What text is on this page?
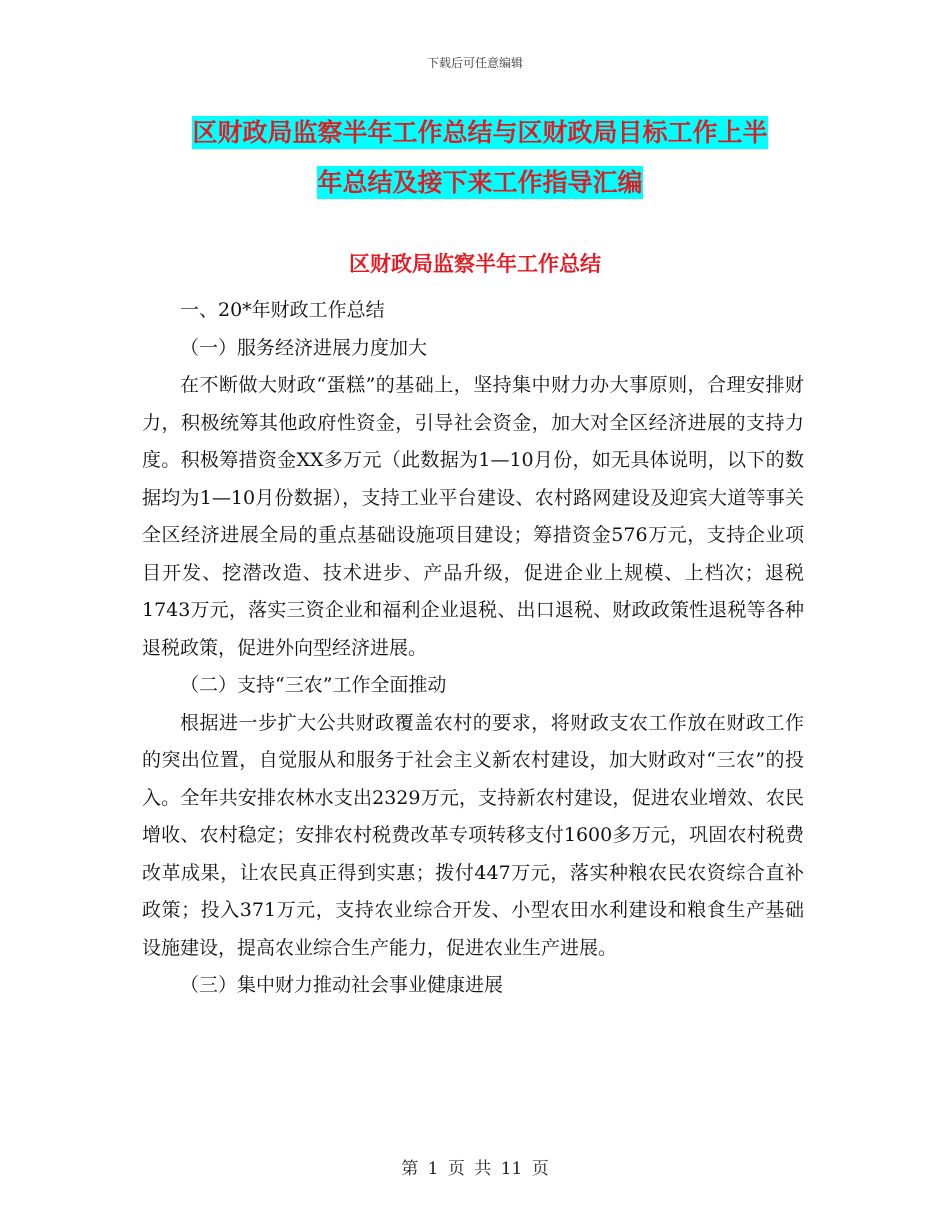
下载后可任意编辑
区财政局监察半年工作总结与区财政局目标工作上半
年总结及接下来工作指导汇编
区财政局监察半年工作总结

一、20*年财政工作总结

（一）服务经济进展力度加大

在不断做大财政“蛋糕”的基础上，坚持集中财力办大事原则，合理安排财力，积极统筹其他政府性资金，引导社会资金，加大对全区经济进展的支持力度。积极筹措资金XX多万元（此数据为1—10月份，如无具体说明，以下的数据均为1—10月份数据），支持工业平台建设、农村路网建设及迎宾大道等事关全区经济进展全局的重点基础设施项目建设；筹措资金576万元，支持企业项目开发、挖潜改造、技术进步、产品升级，促进企业上规模、上档次；退税1743万元，落实三资企业和福利企业退税、出口退税、财政政策性退税等各种退税政策，促进外向型经济进展。

（二）支持“三农”工作全面推动

根据进一步扩大公共财政覆盖农村的要求，将财政支农工作放在财政工作的突出位置，自觉服从和服务于社会主义新农村建设，加大财政对“三农”的投入。全年共安排农林水支出2329万元，支持新农村建设，促进农业增效、农民增收、农村稳定；安排农村税费改革专项转移支付1600多万元，巩固农村税费改革成果，让农民真正得到实惠；拨付447万元，落实种粮农民农资综合直补政策；投入371万元，支持农业综合开发、小型农田水利建设和粮食生产基础设施建设，提高农业综合生产能力，促进农业生产进展。

（三）集中财力推动社会事业健康进展

第 1 页 共 11 页
